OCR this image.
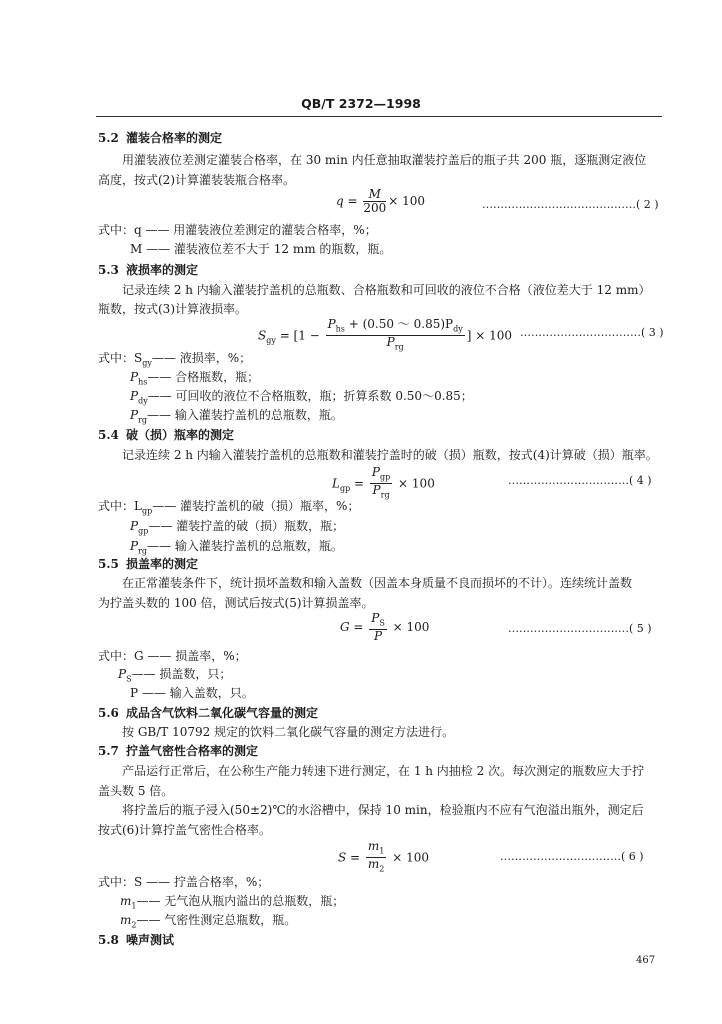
QB/T 2372—1998
5.2 灌装合格率的测定
用灌装液位差测定灌装合格率，在 30 min 内任意抽取灌装拧盖后的瓶子共 200 瓶，逐瓶测定液位
高度，按式(2)计算灌装装瓶合格率。
$q = \frac{M}{200} \times 100$	……………………………………( 2 )
式中：q —— 用灌装液位差测定的灌装合格率，%；
M —— 灌装液位差不大于 12 mm 的瓶数，瓶。
5.3 液损率的测定
记录连续 2 h 内输入灌装拧盖机的总瓶数、合格瓶数和可回收的液位不合格（液位差大于 12 mm）
瓶数，按式(3)计算液损率。
$S_{gy} = [1 - \frac{P_{hs} + (0.50 \sim 0.85)P_{dy}}{P_{rg}}$ ] × 100 ……………………………( 3 )
式中：$S_{gy}——$ 液损率，%；
$P_{hs}——$ 合格瓶数，瓶；
$P_{dy}——$ 可回收的液位不合格瓶数，瓶；折算系数 0.50～0.85；
$P_{rg}——$ 输入灌装拧盖机的总瓶数，瓶。
5.4 破（损）瓶率的测定
记录连续 2 h 内输入灌装拧盖机的总瓶数和灌装拧盖时的破（损）瓶数，按式(4)计算破（损）瓶率。
$L_{gp} = \frac{P_{gp}}{P_{rg}} \times 100$	……………………………( 4 )
式中：$L_{gp}——$ 灌装拧盖机的破（损）瓶率，%；
$P_{gp}——$ 灌装拧盖的破（损）瓶数，瓶；
$P_{rg}——$ 输入灌装拧盖机的总瓶数，瓶。
5.5 损盖率的测定
在正常灌装条件下，统计损坏盖数和输入盖数（因盖本身质量不良而损坏的不计）。连续统计盖数
为拧盖头数的 100 倍，测试后按式(5)计算损盖率。
$G = \frac{P_S}{P} \times 100$	……………………………( 5 )
式中：G —— 损盖率，%；
$P_S——$ 损盖数，只；
P —— 输入盖数，只。
5.6 成品含气饮料二氧化碳气容量的测定
按 GB/T 10792 规定的饮料二氧化碳气容量的测定方法进行。
5.7 拧盖气密性合格率的测定
产品运行正常后，在公称生产能力转速下进行测定，在 1 h 内抽检 2 次。每次测定的瓶数应大于拧
盖头数 5 倍。
将拧盖后的瓶子浸入(50±2)℃的水浴槽中，保持 10 min，检验瓶内不应有气泡溢出瓶外，测定后
按式(6)计算拧盖气密性合格率。
$S = \frac{m_1}{m_2} \times 100$	……………………………( 6 )
式中：S —— 拧盖合格率，%；
$m_1——$ 无气泡从瓶内溢出的总瓶数，瓶；
$m_2——$ 气密性测定总瓶数，瓶。
5.8 噪声测试
467
